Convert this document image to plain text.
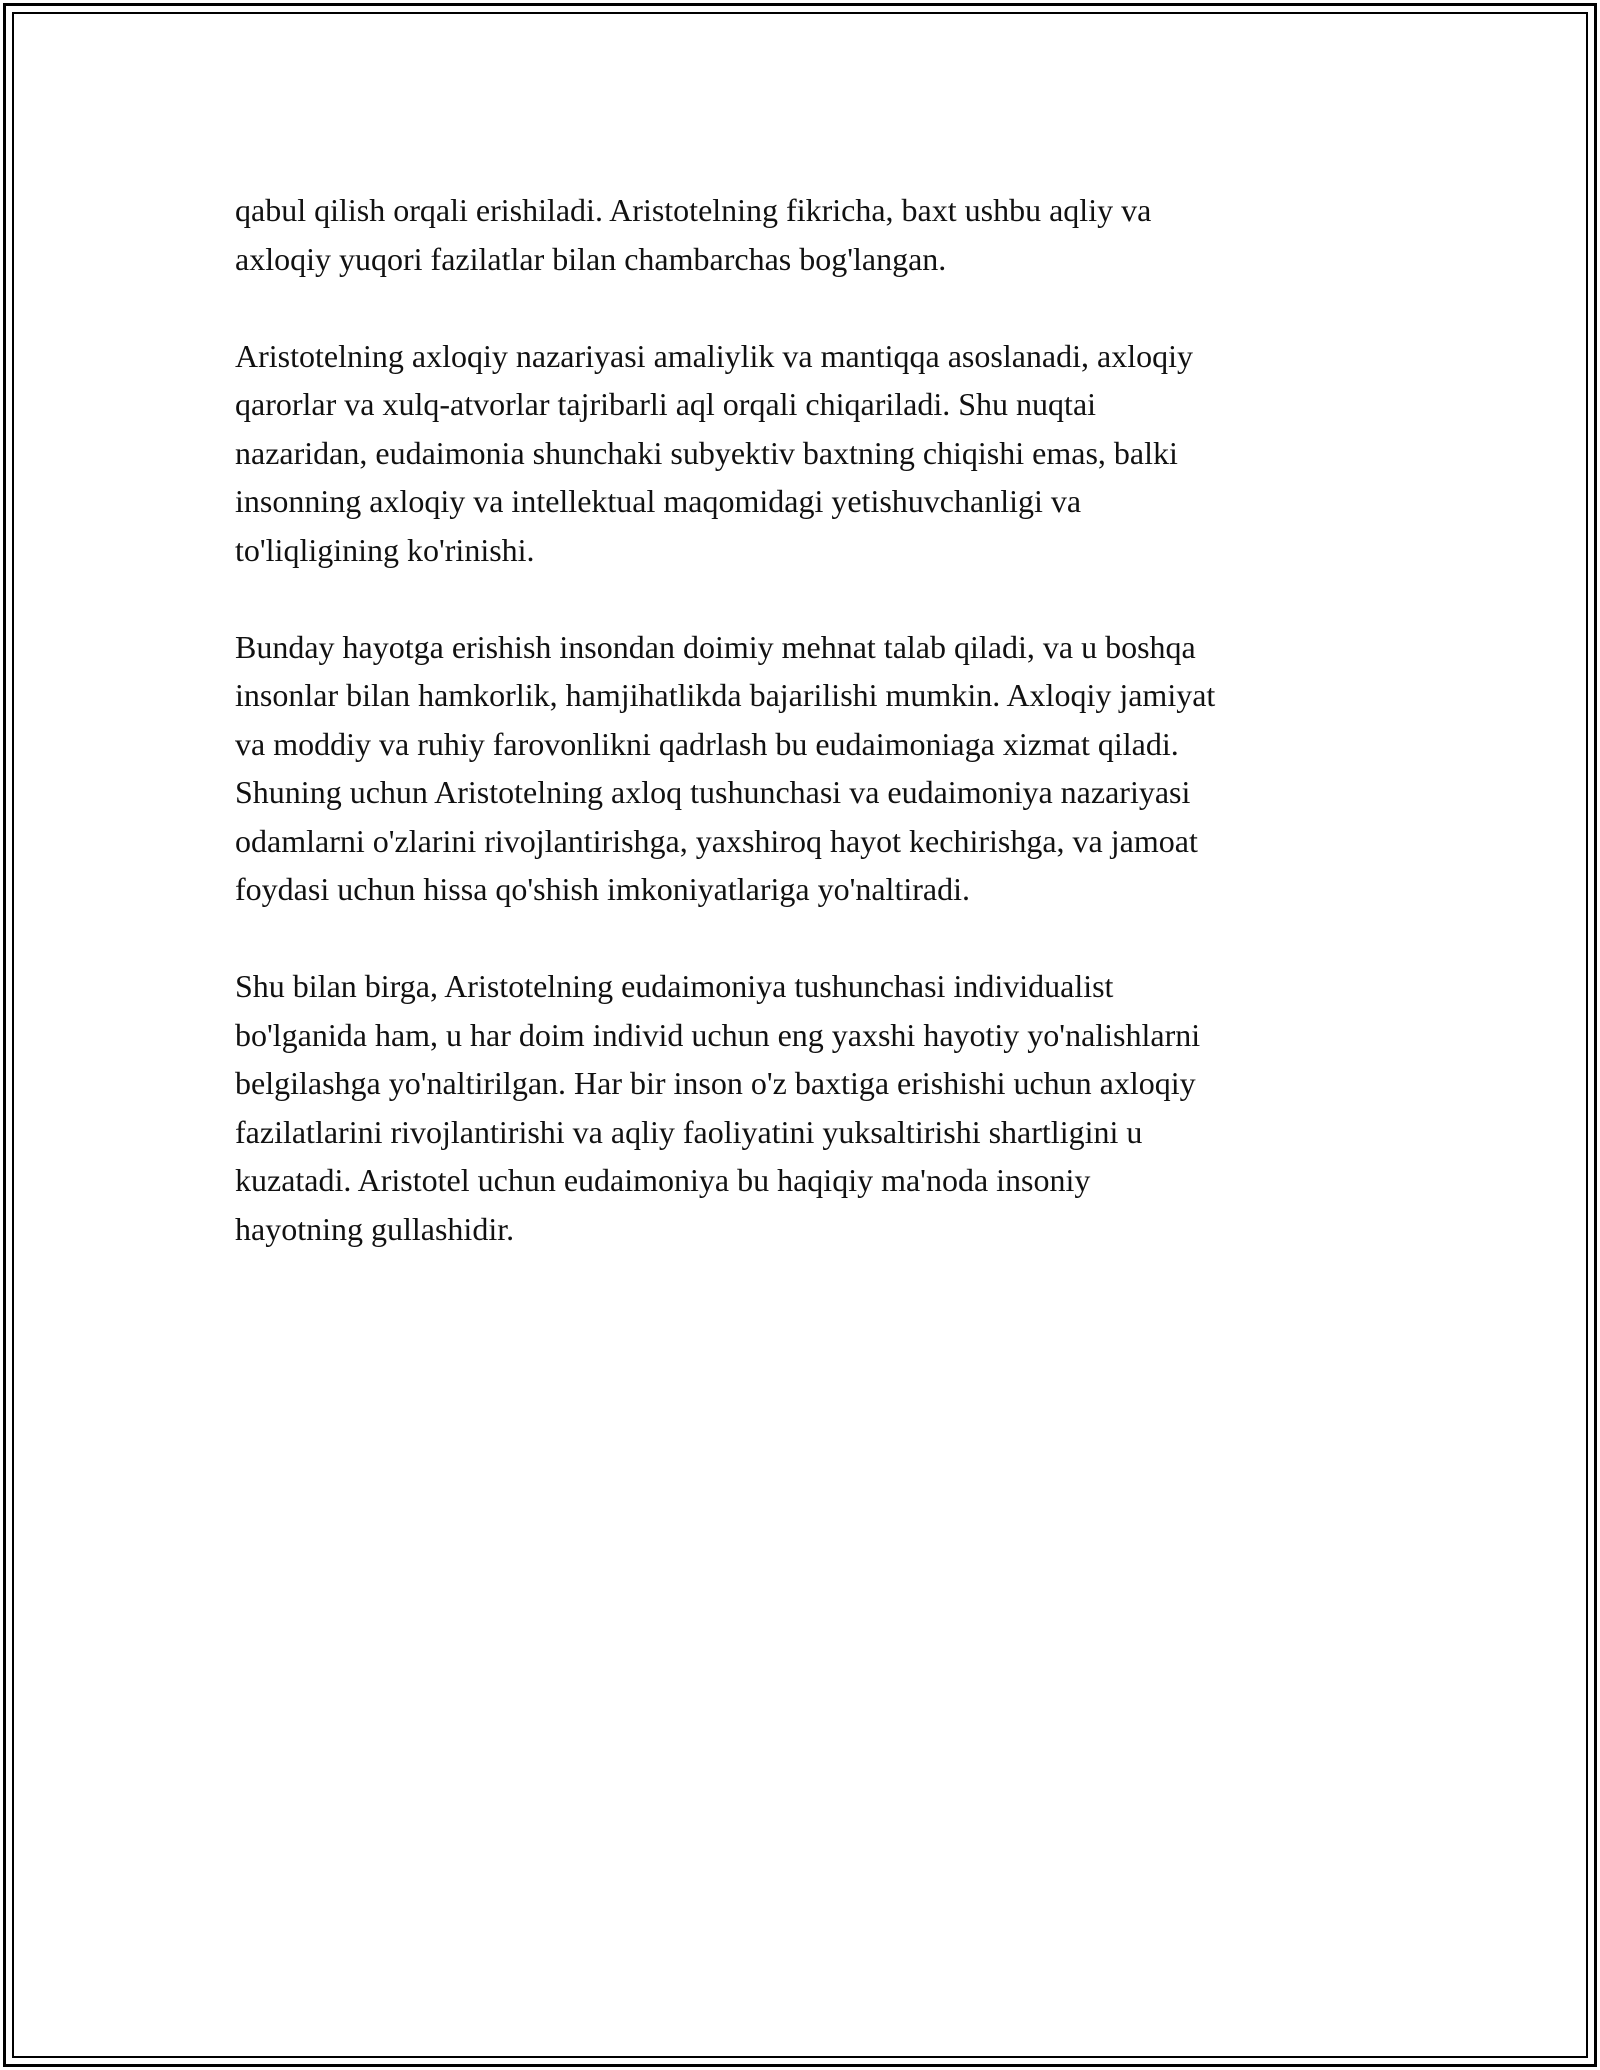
qabul qilish orqali erishiladi. Aristotelning fikricha, baxt ushbu aqliy va
axloqiy yuqori fazilatlar bilan chambarchas bog'langan.

Aristotelning axloqiy nazariyasi amaliylik va mantiqqa asoslanadi, axloqiy
qarorlar va xulq-atvorlar tajribarli aql orqali chiqariladi. Shu nuqtai
nazaridan, eudaimonia shunchaki subyektiv baxtning chiqishi emas, balki
insonning axloqiy va intellektual maqomidagi yetishuvchanligi va
to'liqligining ko'rinishi.

Bunday hayotga erishish insondan doimiy mehnat talab qiladi, va u boshqa
insonlar bilan hamkorlik, hamjihatlikda bajarilishi mumkin. Axloqiy jamiyat
va moddiy va ruhiy farovonlikni qadrlash bu eudaimoniaga xizmat qiladi.
Shuning uchun Aristotelning axloq tushunchasi va eudaimoniya nazariyasi
odamlarni o'zlarini rivojlantirishga, yaxshiroq hayot kechirishga, va jamoat
foydasi uchun hissa qo'shish imkoniyatlariga yo'naltiradi.

Shu bilan birga, Aristotelning eudaimoniya tushunchasi individualist
bo'lganida ham, u har doim individ uchun eng yaxshi hayotiy yo'nalishlarni
belgilashga yo'naltirilgan. Har bir inson o'z baxtiga erishishi uchun axloqiy
fazilatlarini rivojlantirishi va aqliy faoliyatini yuksaltirishi shartligini u
kuzatadi. Aristotel uchun eudaimoniya bu haqiqiy ma'noda insoniy
hayotning gullashidir.
